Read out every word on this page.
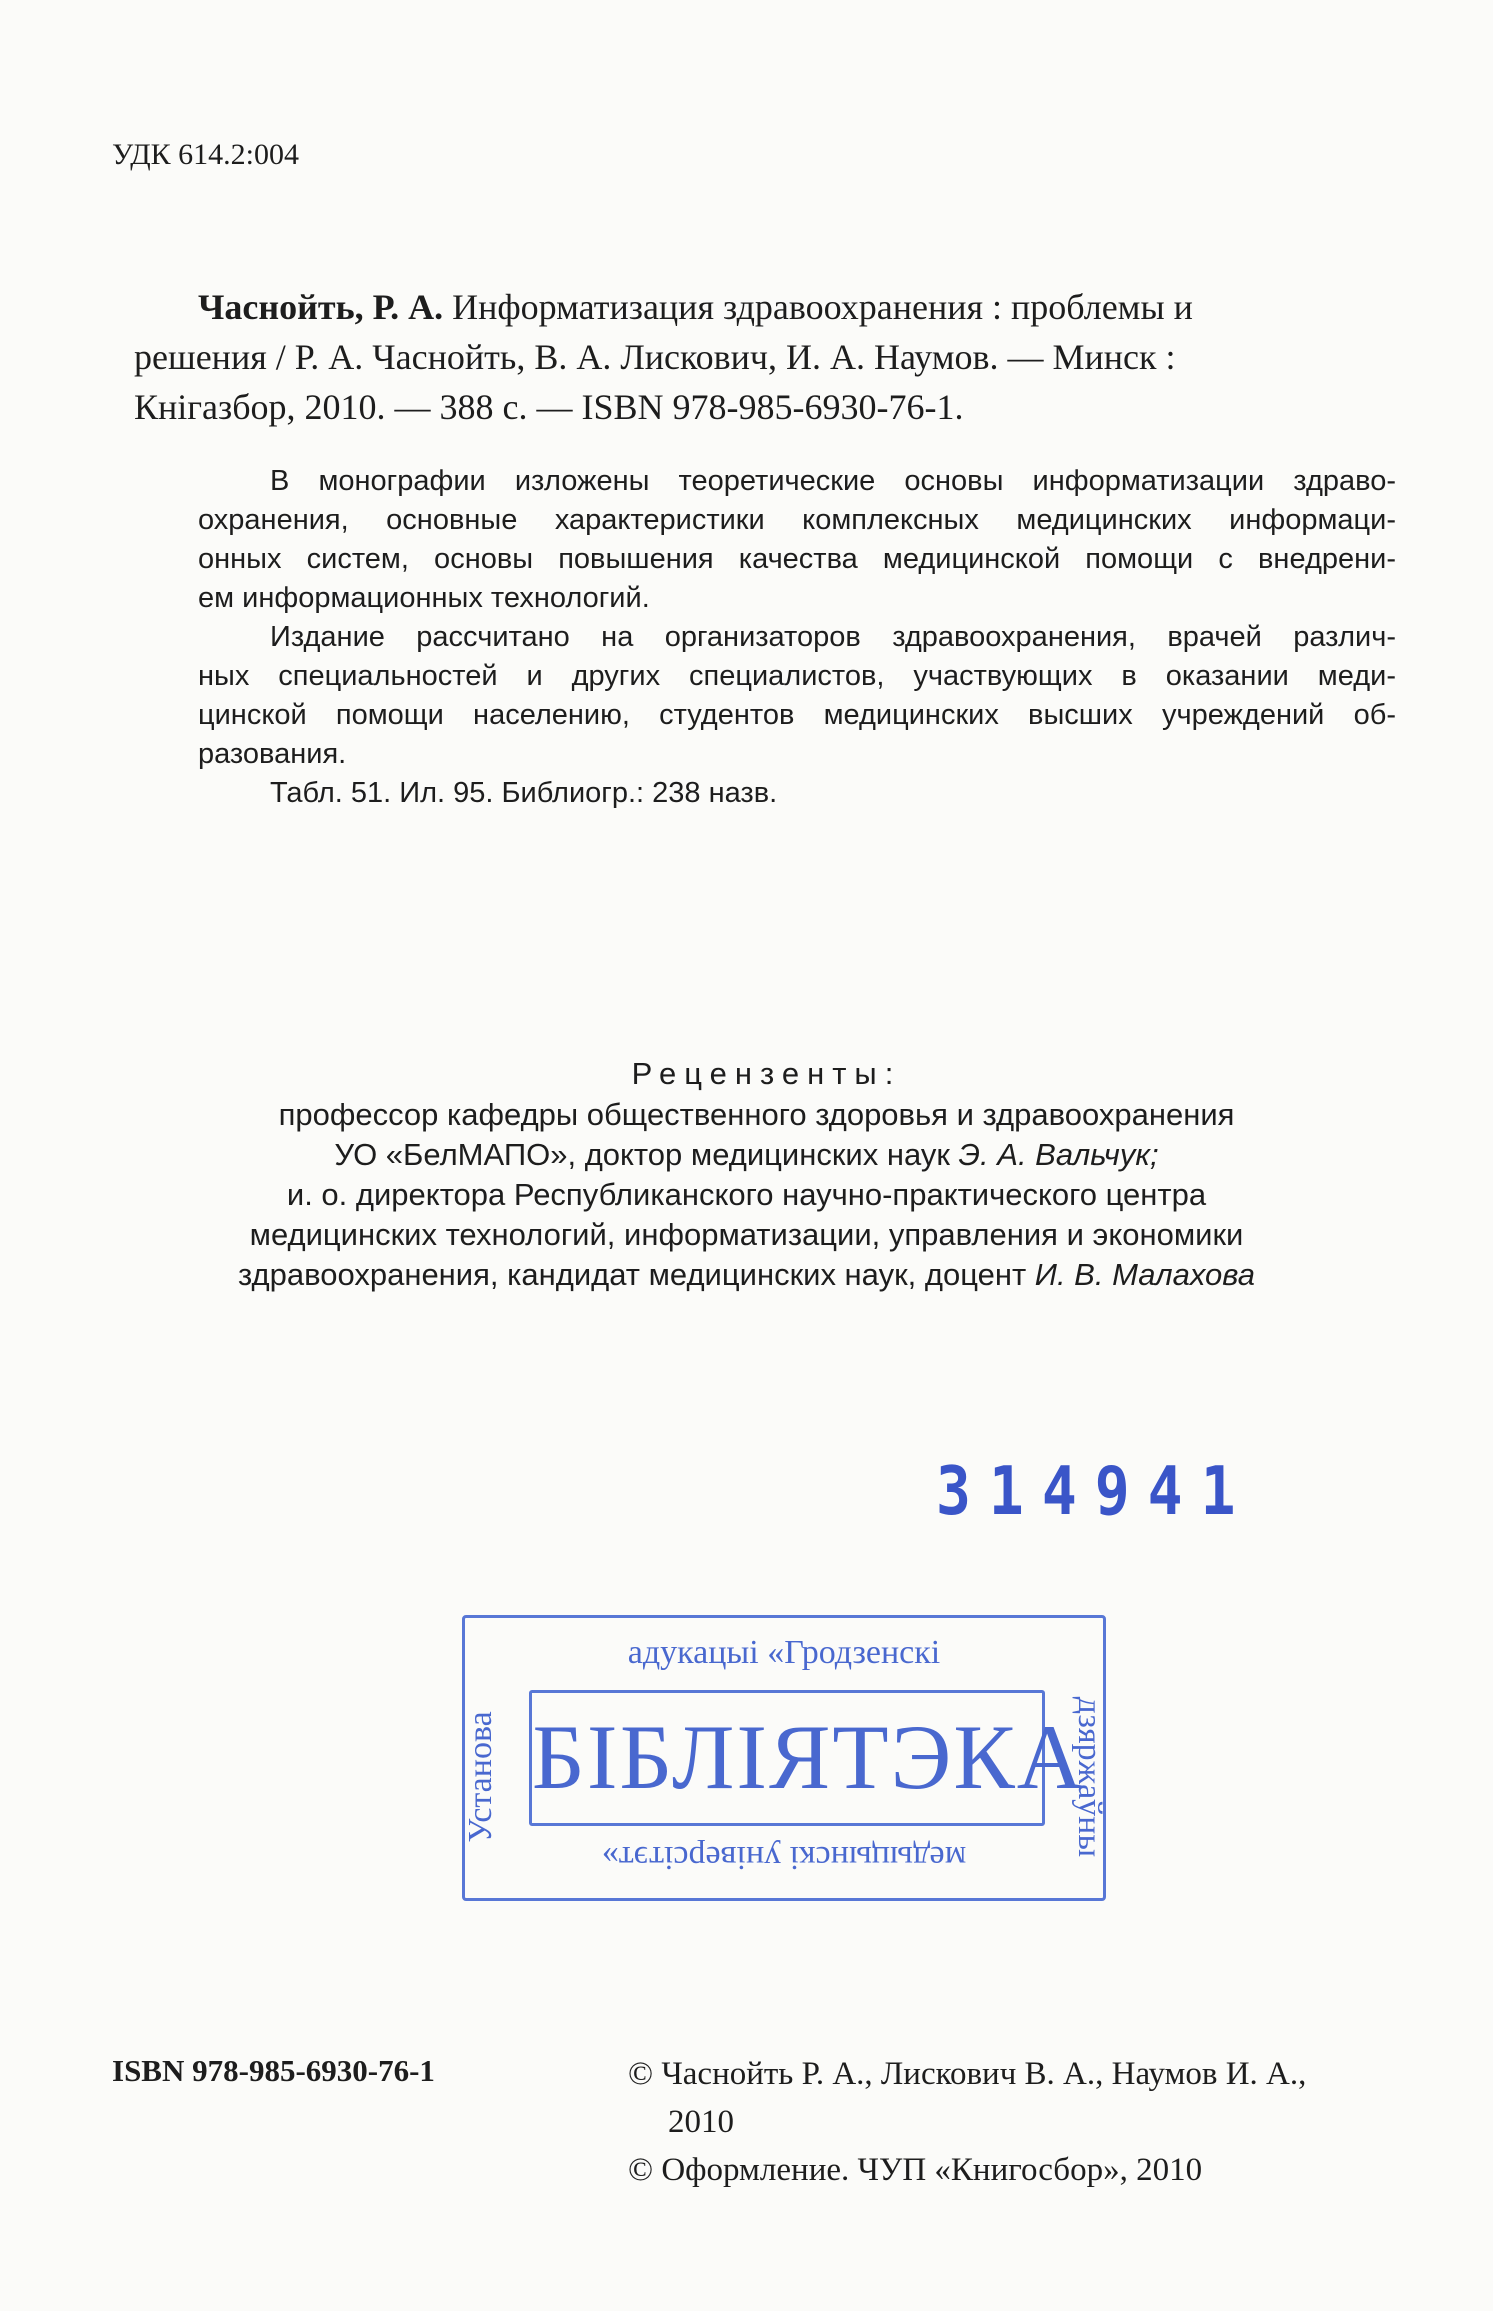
УДК 614.2:004
Часнойть, Р. А. Информатизация здравоохранения : проблемы и
решения / Р. А. Часнойть, В. А. Лискович, И. А. Наумов. — Минск :
Кнiгазбор, 2010. — 388 с. — ISBN 978-985-6930-76-1.
В монографии изложены теоретические основы информатизации здраво-
охранения, основные характеристики комплексных медицинских информаци-
онных систем, основы повышения качества медицинской помощи с внедрени-
ем информационных технологий.
Издание рассчитано на организаторов здравоохранения, врачей различ-
ных специальностей и других специалистов, участвующих в оказании меди-
цинской помощи населению, студентов медицинских высших учреждений об-
разования.
Табл. 51. Ил. 95. Библиогр.: 238 назв.
Рецензенты:
профессор кафедры общественного здоровья и здравоохранения
УО «БелМАПО», доктор медицинских наук Э. А. Вальчук;
и. о. директора Республиканского научно-практического центра
медицинских технологий, информатизации, управления и экономики
здравоохранения, кандидат медицинских наук, доцент И. В. Малахова
314941
адукацыі «Гродзенскі
Установа	дзяржаўны
БІБЛІЯТЭКА
медыцынскі універсітэт»
ISBN 978-985-6930-76-1	© Часнойть Р. А., Лискович В. А., Наумов И. А.,
2010
© Оформление. ЧУП «Книгосбор», 2010
